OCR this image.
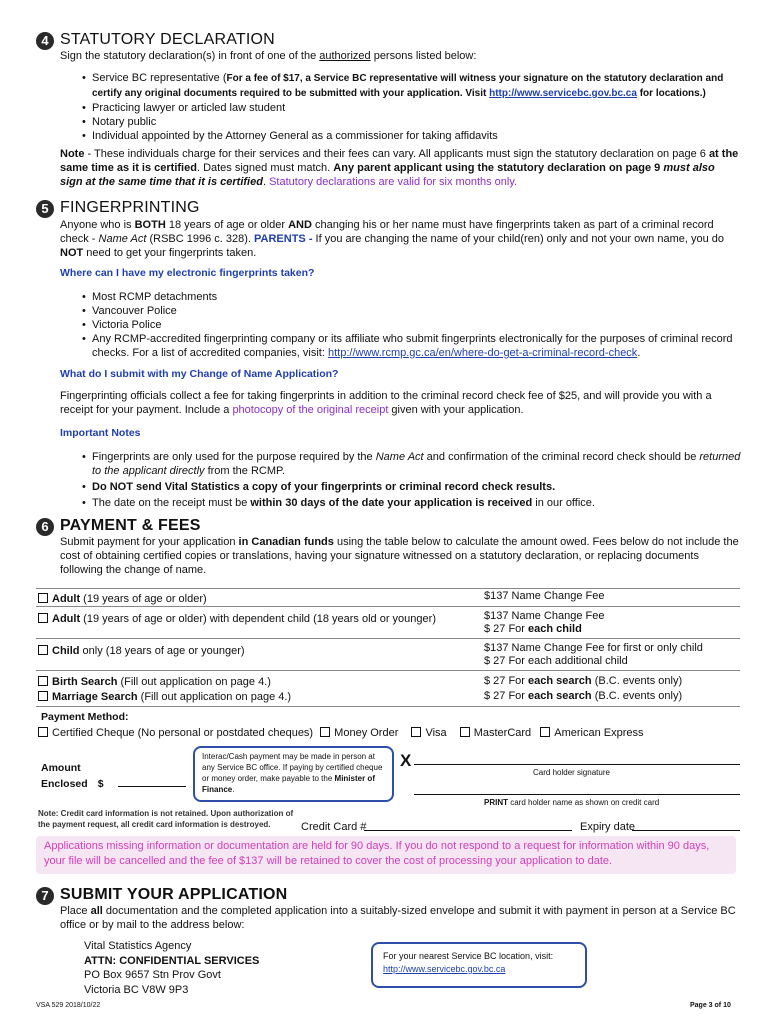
4 STATUTORY DECLARATION
Sign the statutory declaration(s) in front of one of the authorized persons listed below:
• Service BC representative (For a fee of $17, a Service BC representative will witness your signature on the statutory declaration and certify any original documents required to be submitted with your application. Visit http://www.servicebc.gov.bc.ca for locations.)
• Practicing lawyer or articled law student
• Notary public
• Individual appointed by the Attorney General as a commissioner for taking affidavits
Note - These individuals charge for their services and their fees can vary. All applicants must sign the statutory declaration on page 6 at the same time as it is certified. Dates signed must match. Any parent applicant using the statutory declaration on page 9 must also sign at the same time that it is certified. Statutory declarations are valid for six months only.
5 FINGERPRINTING
Anyone who is BOTH 18 years of age or older AND changing his or her name must have fingerprints taken as part of a criminal record check - Name Act (RSBC 1996 c. 328). PARENTS - If you are changing the name of your child(ren) only and not your own name, you do NOT need to get your fingerprints taken.
Where can I have my electronic fingerprints taken?
• Most RCMP detachments
• Vancouver Police
• Victoria Police
• Any RCMP-accredited fingerprinting company or its affiliate who submit fingerprints electronically for the purposes of criminal record checks. For a list of accredited companies, visit: http://www.rcmp.gc.ca/en/where-do-get-a-criminal-record-check.
What do I submit with my Change of Name Application?
Fingerprinting officials collect a fee for taking fingerprints in addition to the criminal record check fee of $25, and will provide you with a receipt for your payment. Include a photocopy of the original receipt given with your application.
Important Notes
• Fingerprints are only used for the purpose required by the Name Act and confirmation of the criminal record check should be returned to the applicant directly from the RCMP.
• Do NOT send Vital Statistics a copy of your fingerprints or criminal record check results.
• The date on the receipt must be within 30 days of the date your application is received in our office.
6 PAYMENT & FEES
Submit payment for your application in Canadian funds using the table below to calculate the amount owed. Fees below do not include the cost of obtaining certified copies or translations, having your signature witnessed on a statutory declaration, or replacing documents following the change of name.
Adult (19 years of age or older)	$137 Name Change Fee
Adult (19 years of age or older) with dependent child (18 years old or younger)	$137 Name Change Fee
$ 27 For each child
Child only (18 years of age or younger)	$137 Name Change Fee for first or only child
$ 27 For each additional child
Birth Search (Fill out application on page 4.)	$ 27 For each search (B.C. events only)
Marriage Search (Fill out application on page 4.)	$ 27 For each search (B.C. events only)
Payment Method:
Certified Cheque (No personal or postdated cheques) Money Order Visa MasterCard American Express
Amount
Enclosed $
Interac/Cash payment may be made in person at any Service BC office. If paying by certified cheque or money order, make payable to the Minister of Finance.
X
Card holder signature
PRINT card holder name as shown on credit card
Note: Credit card information is not retained. Upon authorization of the payment request, all credit card information is destroyed.	Credit Card #	Expiry date
Applications missing information or documentation are held for 90 days. If you do not respond to a request for information within 90 days, your file will be cancelled and the fee of $137 will be retained to cover the cost of processing your application to date.
7 SUBMIT YOUR APPLICATION
Place all documentation and the completed application into a suitably-sized envelope and submit it with payment in person at a Service BC office or by mail to the address below:
Vital Statistics Agency
ATTN: CONFIDENTIAL SERVICES
PO Box 9657 Stn Prov Govt
Victoria BC V8W 9P3
For your nearest Service BC location, visit:
http://www.servicebc.gov.bc.ca
VSA 529 2018/10/22	Page 3 of 10
